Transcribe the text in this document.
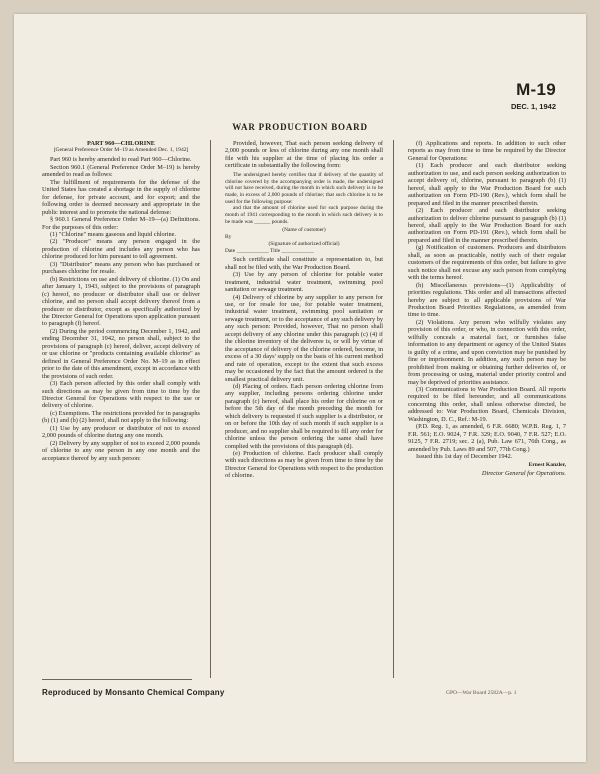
M-19
DEC. 1, 1942
WAR PRODUCTION BOARD

PART 960—CHLORINE

[General Preference Order M–19 as Amended Dec. 1, 1942]

Part 960 is hereby amended to read Part 960—Chlorine.

Section 960.1 (General Preference Order M–19) is hereby amended to read as follows:

The fulfillment of requirements for the defense of the United States has created a shortage in the supply of chlorine for defense, for private account, and for export; and the following order is deemed necessary and appropriate in the public interest and to promote the national defense:

§ 960.1 General Preference Order M–19—(a) Definitions. For the purposes of this order:

(1) "Chlorine" means gaseous and liquid chlorine.

(2) "Producer" means any person engaged in the production of chlorine and includes any person who has chlorine produced for him pursuant to toll agreement.

(3) "Distributor" means any person who has purchased or purchases chlorine for resale.

(b) Restrictions on use and delivery of chlorine. (1) On and after January 1, 1943, subject to the provisions of paragraph (c) hereof, no producer or distributor shall use or deliver chlorine, and no person shall accept delivery thereof from a producer or distributor, except as specifically authorized by the Director General for Operations upon application pursuant to paragraph (f) hereof.

(2) During the period commencing December 1, 1942, and ending December 31, 1942, no person shall, subject to the provisions of paragraph (c) hereof, deliver, accept delivery of or use chlorine or "products containing available chlorine" as defined in General Preference Order No. M–19 as in effect prior to the date of this amendment, except in accordance with the provisions of such order.

(3) Each person affected by this order shall comply with such directions as may be given from time to time by the Director General for Operations with respect to the use or delivery of chlorine.

(c) Exemptions. The restrictions provided for in paragraphs (b) (1) and (b) (2) hereof, shall not apply to the following:

(1) Use by any producer or distributor of not to exceed 2,000 pounds of chlorine during any one month.

(2) Delivery by any supplier of not to exceed 2,000 pounds of chlorine to any one person in any one month and the acceptance thereof by any such person:

Provided, however, That each person seeking delivery of 2,000 pounds or less of chlorine during any one month shall file with his supplier at the time of placing his order a certificate in substantially the following form:

The undersigned hereby certifies that if delivery of the quantity of chlorine covered by the accompanying order is made, the undersigned will not have received, during the month in which such delivery is to be made, in excess of 2,000 pounds of chlorine; that such chlorine is to be used for the following purpose:

and that the amount of chlorine used for such purpose during the month of 1941 corresponding to the month in which such delivery is to be made was ______ pounds.

(Name of customer)

By

(Signature of authorized official)

Date ____________ Title ____________

Such certificate shall constitute a representation to, but shall not be filed with, the War Production Board.

(3) Use by any person of chlorine for potable water treatment, industrial water treatment, swimming pool sanitation or sewage treatment.

(4) Delivery of chlorine by any supplier to any person for use, or for resale for use, for potable water treatment, industrial water treatment, swimming pool sanitation or sewage treatment, or to the acceptance of any such delivery by any such person: Provided, however, That no person shall accept delivery of any chlorine under this paragraph (c) (4) if the chlorine inventory of the deliveree is, or will by virtue of the acceptance of delivery of the chlorine ordered, become, in excess of a 30 days' supply on the basis of his current method and rate of operation, except to the extent that such excess may be occasioned by the fact that the amount ordered is the smallest practical delivery unit.

(d) Placing of orders. Each person ordering chlorine from any supplier, including persons ordering chlorine under paragraph (c) hereof, shall place his order for chlorine on or before the 5th day of the month preceding the month for which delivery is requested if such supplier is a distributor, or on or before the 10th day of such month if such supplier is a producer, and no supplier shall be required to fill any order for chlorine unless the person ordering the same shall have complied with the provisions of this paragraph (d).

(e) Production of chlorine. Each producer shall comply with such directions as may be given from time to time by the Director General for Operations with respect to the production of chlorine.

(f) Applications and reports. In addition to such other reports as may from time to time be required by the Director General for Operations:

(1) Each producer and each distributor seeking authorization to use, and each person seeking authorization to accept delivery of, chlorine, pursuant to paragraph (b) (1) hereof, shall apply to the War Production Board for such authorization on Form PD-190 (Rev.), which form shall be prepared and filed in the manner prescribed therein.

(2) Each producer and each distributor seeking authorization to deliver chlorine pursuant to paragraph (b) (1) hereof, shall apply to the War Production Board for such authorization on Form PD-191 (Rev.), which form shall be prepared and filed in the manner prescribed therein.

(g) Notification of customers. Producers and distributors shall, as soon as practicable, notify each of their regular customers of the requirements of this order, but failure to give such notice shall not excuse any such person from complying with the terms hereof.

(h) Miscellaneous provisions—(1) Applicability of priorities regulations. This order and all transactions affected hereby are subject to all applicable provisions of War Production Board Priorities Regulations, as amended from time to time.

(2) Violations. Any person who wilfully violates any provision of this order, or who, in connection with this order, wilfully conceals a material fact, or furnishes false information to any department or agency of the United States is guilty of a crime, and upon conviction may be punished by fine or imprisonment. In addition, any such person may be prohibited from making or obtaining further deliveries of, or from processing or using, material under priority control and may be deprived of priorities assistance.

(3) Communications to War Production Board. All reports required to be filed hereunder, and all communications concerning this order, shall unless otherwise directed, be addressed to: War Production Board, Chemicals Division, Washington, D. C., Ref.: M-19.

(P.D. Reg. 1, as amended, 6 F.R. 6680; W.P.B. Reg. 1, 7 F.R. 561; E.O. 9024, 7 F.R. 329; E.O. 9040, 7 F.R. 527; E.O. 9125, 7 F.R. 2719; sec. 2 (a), Pub. Law 671, 76th Cong., as amended by Pub. Laws 89 and 507, 77th Cong.)

Issued this 1st day of December 1942.

Ernest Kanzler,

Director General for Operations.

Reproduced by Monsanto Chemical Company	GPO—War Board 2582A—p. 1
